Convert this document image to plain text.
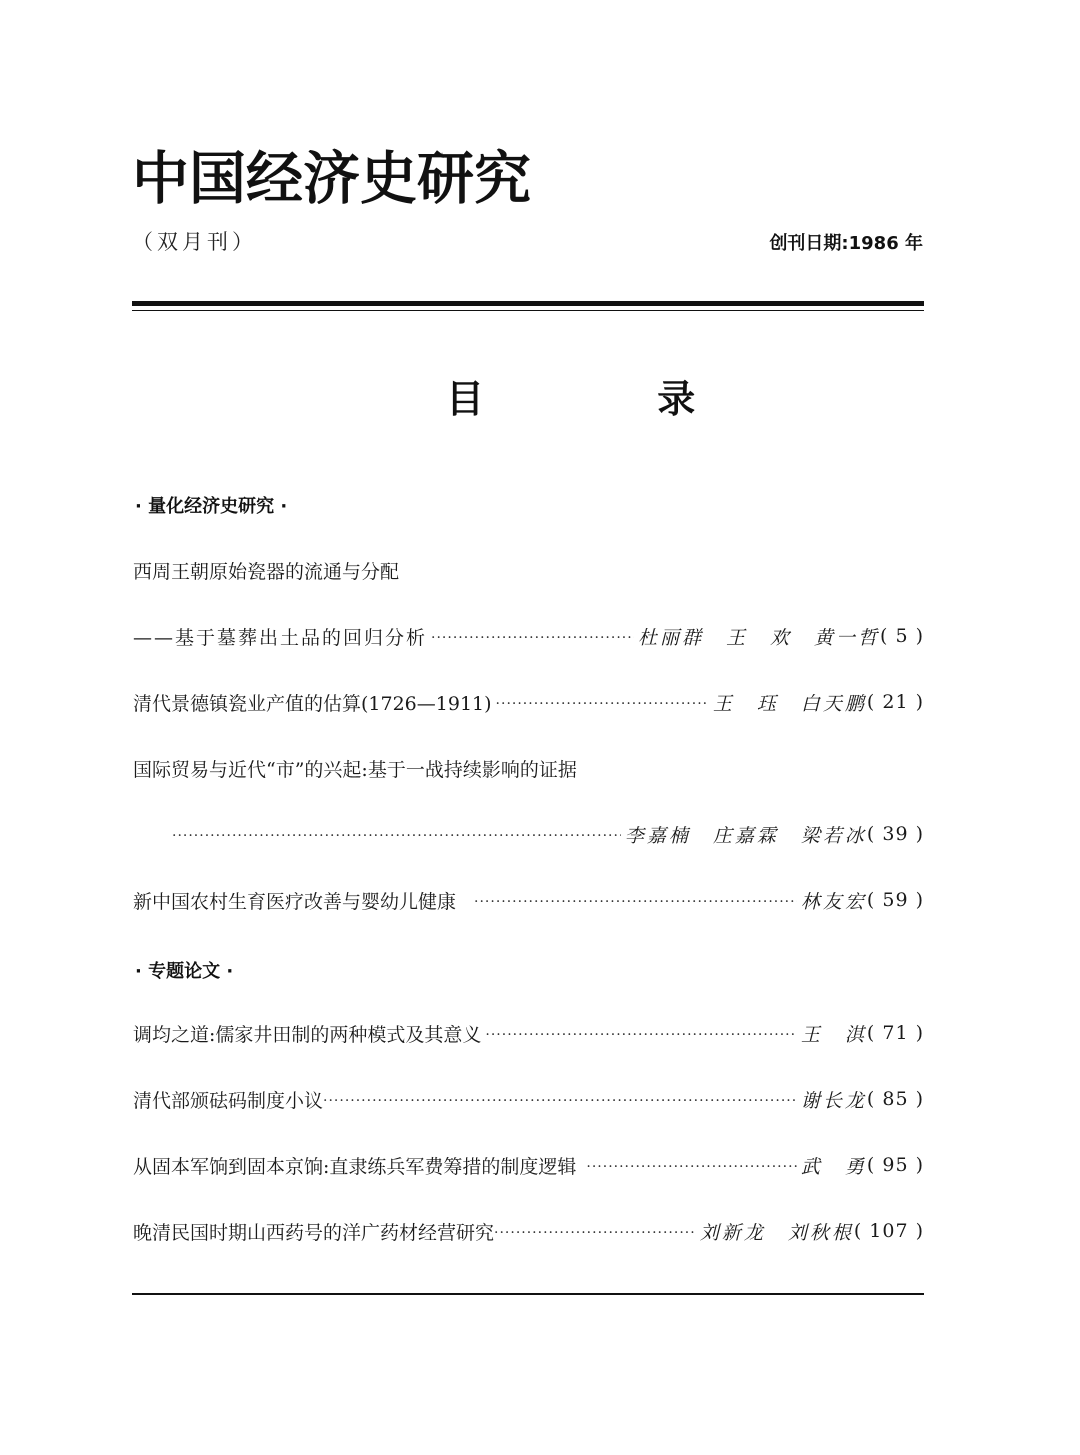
中国经济史研究
（双月刊）	创刊日期:1986 年
目 录
· 量化经济史研究 ·
西周王朝原始瓷器的流通与分配
——基于墓葬出土品的回归分析 ·····	杜丽群　王　欢　黄一哲 ( 5 )
清代景德镇瓷业产值的估算(1726—1911) ·····	王　珏　白天鹏 ( 21 )
国际贸易与近代“市”的兴起:基于一战持续影响的证据
·····
李嘉楠　庄嘉霖　梁若冰 ( 39 )
新中国农村生育医疗改善与婴幼儿健康 ·····	林友宏 ( 59 )
· 专题论文 ·
调均之道:儒家井田制的两种模式及其意义 ·····	王　淇 ( 71 )
清代部颁砝码制度小议 ·····	谢长龙 ( 85 )
从固本军饷到固本京饷:直隶练兵军费筹措的制度逻辑 ·····	武　勇 ( 95 )
晚清民国时期山西药号的洋广药材经营研究 ·····	刘新龙　刘秋根 ( 107 )
